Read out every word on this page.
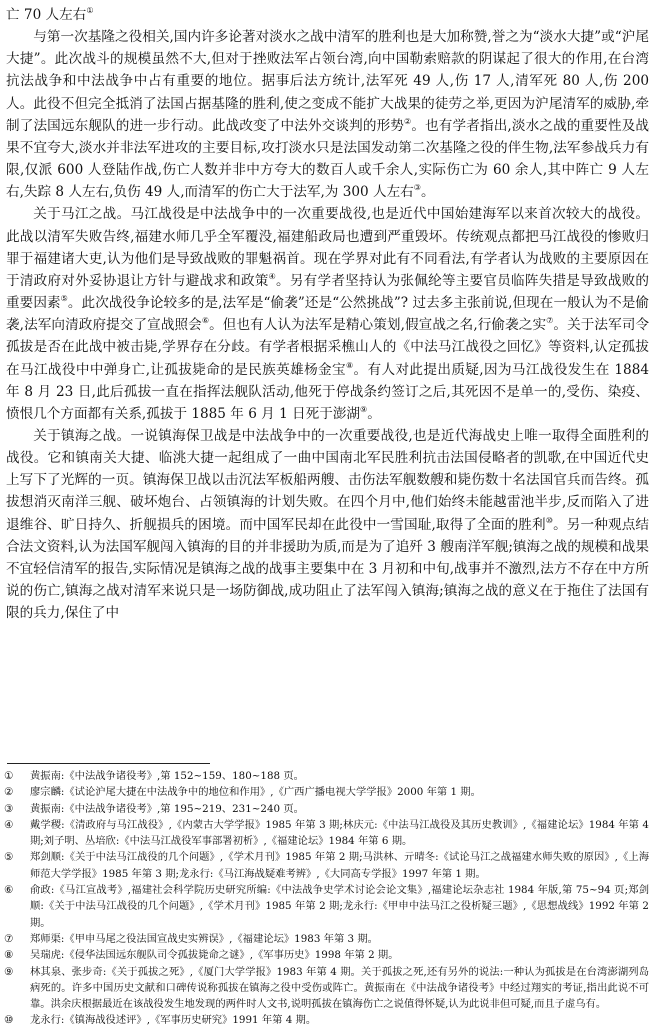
亡 70 人左右①

与第一次基隆之役相关,国内许多论著对淡水之战中清军的胜利也是大加称赞,誉之为“淡水大捷”或“沪尾大捷”。此次战斗的规模虽然不大,但对于挫败法军占领台湾,向中国勒索赔款的阴谋起了很大的作用,在台湾抗法战争和中法战争中占有重要的地位。据事后法方统计,法军死 49 人,伤 17 人,清军死 80 人,伤 200 人。此役不但完全抵消了法国占据基隆的胜利,使之变成不能扩大战果的徒劳之举,更因为沪尾清军的威胁,牵制了法国远东舰队的进一步行动。此战改变了中法外交谈判的形势②。也有学者指出,淡水之战的重要性及战果不宜夸大,淡水并非法军进攻的主要目标,攻打淡水只是法国发动第二次基隆之役的伴生物,法军参战兵力有限,仅派 600 人登陆作战,伤亡人数并非中方夸大的数百人或千余人,实际伤亡为 60 余人,其中阵亡 9 人左右,失踪 8 人左右,负伤 49 人,而清军的伤亡大于法军,为 300 人左右③。

关于马江之战。马江战役是中法战争中的一次重要战役,也是近代中国始建海军以来首次较大的战役。此战以清军失败告终,福建水师几乎全军覆没,福建船政局也遭到严重毁坏。传统观点都把马江战役的惨败归罪于福建诸大吏,认为他们是导致战败的罪魁祸首。现在学界对此有不同看法,有学者认为战败的主要原因在于清政府对外妥协退让方针与避战求和政策④。另有学者坚持认为张佩纶等主要官员临阵失措是导致战败的重要因素⑤。此次战役争论较多的是,法军是“偷袭”还是“公然挑战”? 过去多主张前说,但现在一般认为不是偷袭,法军向清政府提交了宣战照会⑥。但也有人认为法军是精心策划,假宣战之名,行偷袭之实⑦。关于法军司令孤拔是否在此战中被击毙,学界存在分歧。有学者根据采樵山人的《中法马江战役之回忆》等资料,认定孤拔在马江战役中中弹身亡,让孤拔毙命的是民族英雄杨金宝⑧。有人对此提出质疑,因为马江战役发生在 1884 年 8 月 23 日,此后孤拔一直在指挥法舰队活动,他死于停战条约签订之后,其死因不是单一的,受伤、染疫、愤恨几个方面都有关系,孤拔于 1885 年 6 月 1 日死于澎湖⑨。

关于镇海之战。一说镇海保卫战是中法战争中的一次重要战役,也是近代海战史上唯一取得全面胜利的战役。它和镇南关大捷、临洮大捷一起组成了一曲中国南北军民胜利抗击法国侵略者的凯歌,在中国近代史上写下了光辉的一页。镇海保卫战以击沉法军板船两艘、击伤法军舰数艘和毙伤数十名法国官兵而告终。孤拔想消灭南洋三舰、破坏炮台、占领镇海的计划失败。在四个月中,他们始终未能越雷池半步,反而陷入了进退维谷、旷日持久、折舰损兵的困境。而中国军民却在此役中一雪国耻,取得了全面的胜利⑩。另一种观点结合法文资料,认为法国军舰闯入镇海的目的并非援助为质,而是为了追歼 3 艘南洋军舰;镇海之战的规模和战果不宜轻信清军的报告,实际情况是镇海之战的战事主要集中在 3 月初和中旬,战事并不激烈,法方不存在中方所说的伤亡,镇海之战对清军来说只是一场防御战,成功阻止了法军闯入镇海;镇海之战的意义在于拖住了法国有限的兵力,保住了中

①	黄振南:《中法战争诸役考》,第 152~159、180~188 页。
②	廖宗麟:《试论沪尾大捷在中法战争中的地位和作用》,《广西广播电视大学学报》2000 年第 1 期。
③	黄振南:《中法战争诸役考》,第 195~219、231~240 页。
④	戴学稷:《清政府与马江战役》,《内蒙古大学学报》1985 年第 3 期;林庆元:《中法马江战役及其历史教训》,《福建论坛》1984 年第 4 期;刘子明、丛培欣:《中法马江战役军事部署初析》,《福建论坛》1984 年第 6 期。
⑤	郑剑顺:《关于中法马江战役的几个问题》,《学术月刊》1985 年第 2 期;马洪林、亓晴冬:《试论马江之战福建水师失败的原因》,《上海师范大学学报》1985 年第 3 期;龙永行:《马江海战疑难考辨》,《大同高专学报》1997 年第 1 期。
⑥	俞政:《马江宣战考》,福建社会科学院历史研究所编:《中法战争史学术讨论会论文集》,福建论坛杂志社 1984 年版,第 75~94 页;郑剑顺:《关于中法马江战役的几个问题》,《学术月刊》1985 年第 2 期;龙永行:《甲申中法马江之役析疑三题》,《思想战线》1992 年第 2 期。
⑦	郑师渠:《甲申马尾之役法国宣战史实辨误》,《福建论坛》1983 年第 3 期。
⑧	吴瑞虎:《侵华法国远东舰队司令孤拔毙命之谜》,《军事历史》1998 年第 2 期。
⑨	林其泉、张步奇:《关于孤拔之死》,《厦门大学学报》1983 年第 4 期。关于孤拔之死,还有另外的说法:一种认为孤拔是在台湾澎湖列岛病死的。许多中国历史文献和口碑传说称孤拔在镇海之役中受伤或阵亡。黄振南在《中法战争诸役考》中经过翔实的考证,指出此说不可靠。洪余庆根据最近在该战役发生地发现的两件时人文书,说明孤拔在镇海伤亡之说值得怀疑,认为此说非但可疑,而且子虚乌有。
⑩	龙永行:《镇海战役述评》,《军事历史研究》1991 年第 4 期。
